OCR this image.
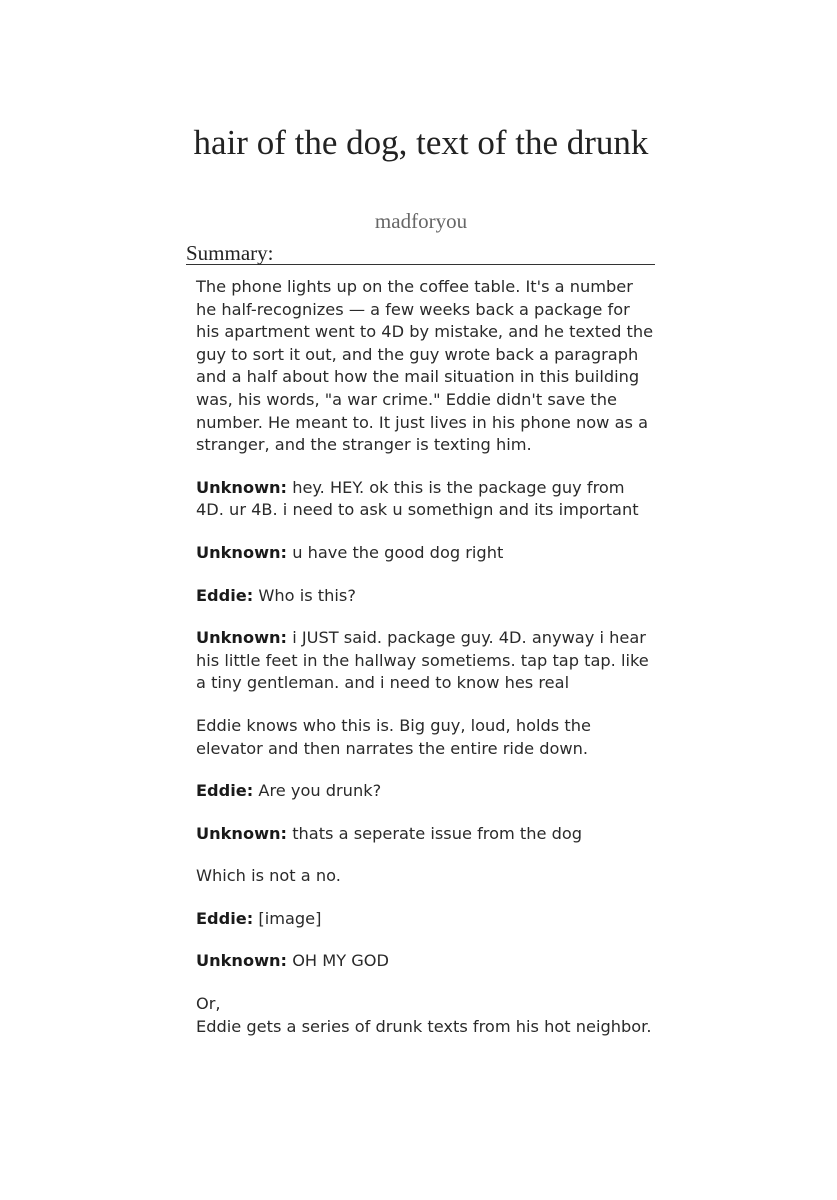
hair of the dog, text of the drunk
madforyou
Summary:

The phone lights up on the coffee table. It's a number he half-recognizes — a few weeks back a package for his apartment went to 4D by mistake, and he texted the guy to sort it out, and the guy wrote back a paragraph and a half about how the mail situation in this building was, his words, "a war crime." Eddie didn't save the number. He meant to. It just lives in his phone now as a stranger, and the stranger is texting him.

Unknown: hey. HEY. ok this is the package guy from 4D. ur 4B. i need to ask u somethign and its important

Unknown: u have the good dog right

Eddie: Who is this?

Unknown: i JUST said. package guy. 4D. anyway i hear his little feet in the hallway sometiems. tap tap tap. like a tiny gentleman. and i need to know hes real

Eddie knows who this is. Big guy, loud, holds the elevator and then narrates the entire ride down.

Eddie: Are you drunk?

Unknown: thats a seperate issue from the dog

Which is not a no.

Eddie: [image]

Unknown: OH MY GOD

Or,
Eddie gets a series of drunk texts from his hot neighbor.
